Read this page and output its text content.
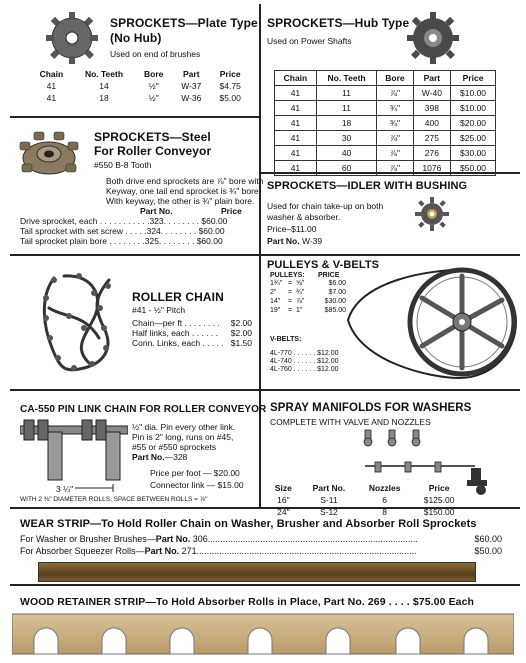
SPROCKETS—Plate Type
(No Hub)
Used on end of brushes
Chain	No. Teeth	Bore	Part	Price
41	14	½"	W-37	$4.75
41	18	½"	W-36	$5.00
SPROCKETS—Hub Type
Used on Power Shafts
Chain	No. Teeth	Bore	Part	Price
41	11	⅞"	W-40	$10.00
41	11	¾"	398	$10.00
41	18	¾"	400	$20.00
41	30	⅞"	275	$25.00
41	40	⅞"	276	$30.00
41	60	⅞"	1076	$50.00
SPROCKETS—Steel
For Roller Conveyor
#550 B-8 Tooth
Both drive end sprockets are ⅞" bore with
Keyway, one tail end sprocket is ¾" bore
With keyway, the other is ¾" plain bore.
Part No.	Price
Drive sprocket, each . . . . . . . . . . .323. . . . . . . . $60.00
Tail sprocket with set screw . . . . .324. . . . . . . . $60.00
Tail sprocket plain bore . . . . . . . .325. . . . . . . . $60.00
SPROCKETS—IDLER WITH BUSHING
Used for chain take-up on both
washer & absorber.
Price–$11.00
Part No. W-39
ROLLER CHAIN
#41 - ½" Pitch
Chain—per ft . . . . . . . . $2.00
Half links, each . . . . . . $2.00
Conn. Links, each . . . . . $1.50
PULLEYS & V-BELTS
PULLEYS: PRICE
1¾" = ⅝"	$6.00
2" = ¾"	$7.00
14" = ⅞"	$30.00
19" = 1"	$85.00
V-BELTS:
4L-770 . . . . . . $12.00
4L-740 . . . . . . $12.00
4L-760 . . . . . . $12.00
CA-550 PIN LINK CHAIN FOR ROLLER CONVEYOR
3 ¼"
½" dia. Pin every other link.
Pin is 2" long, runs on #45,
#55 or #550 sprockets
Part No.—328
Price per foot — $20.00
Connector link — $15.00
WITH 2 ⅜" DIAMETER ROLLS, SPACE BETWEEN ROLLS = ⅞"
SPRAY MANIFOLDS FOR WASHERS
COMPLETE WITH VALVE AND NOZZLES
Size	Part No.	Nozzles	Price
16"	S-11	6	$125.00
24"	S-12	8	$150.00
WEAR STRIP—To Hold Roller Chain on Washer, Brusher and Absorber Roll Sprockets
For Washer or Brusher Brushes—Part No. 306....................................................................................	$60.00
For Absorber Squeezer Rolls—Part No. 271........................................................................................	$50.00
WOOD RETAINER STRIP—To Hold Absorber Rolls in Place, Part No. 269 . . . . $75.00 Each
